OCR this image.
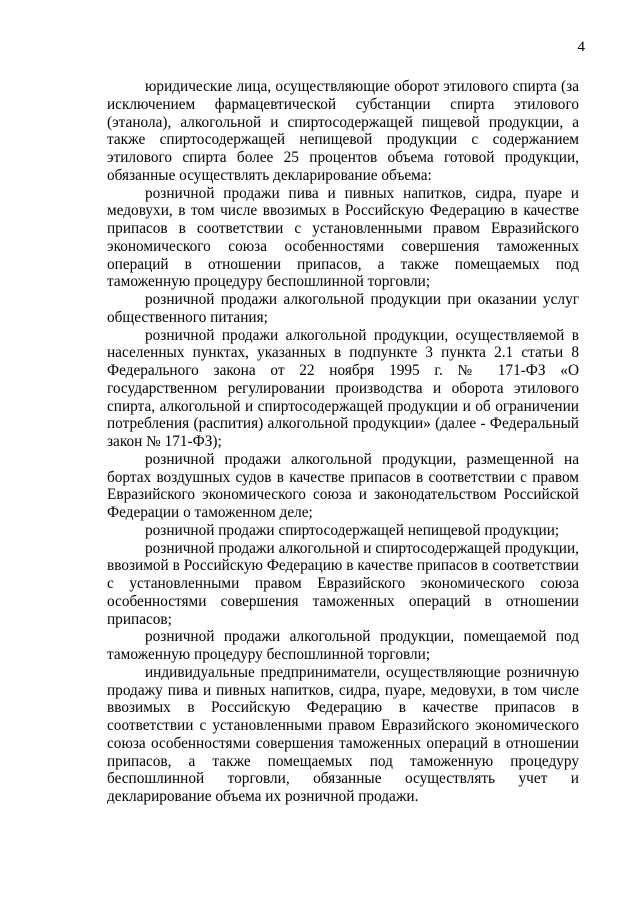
4

юридические лица, осуществляющие оборот этилового спирта (за исключением фармацевтической субстанции спирта этилового (этанола), алкогольной и спиртосодержащей пищевой продукции, а также спиртосодержащей непищевой продукции с содержанием этилового спирта более 25 процентов объема готовой продукции, обязанные осуществлять декларирование объема:

розничной продажи пива и пивных напитков, сидра, пуаре и медовухи, в том числе ввозимых в Российскую Федерацию в качестве припасов в соответствии с установленными правом Евразийского экономического союза особенностями совершения таможенных операций в отношении припасов, а также помещаемых под таможенную процедуру беспошлинной торговли;

розничной продажи алкогольной продукции при оказании услуг общественного питания;

розничной продажи алкогольной продукции, осуществляемой в населенных пунктах, указанных в подпункте 3 пункта 2.1 статьи 8 Федерального закона от 22 ноября 1995 г. № 171-ФЗ «О государственном регулировании производства и оборота этилового спирта, алкогольной и спиртосодержащей продукции и об ограничении потребления (распития) алкогольной продукции» (далее - Федеральный закон № 171-ФЗ);

розничной продажи алкогольной продукции, размещенной на бортах воздушных судов в качестве припасов в соответствии с правом Евразийского экономического союза и законодательством Российской Федерации о таможенном деле;

розничной продажи спиртосодержащей непищевой продукции;

розничной продажи алкогольной и спиртосодержащей продукции, ввозимой в Российскую Федерацию в качестве припасов в соответствии с установленными правом Евразийского экономического союза особенностями совершения таможенных операций в отношении припасов;

розничной продажи алкогольной продукции, помещаемой под таможенную процедуру беспошлинной торговли;

индивидуальные предприниматели, осуществляющие розничную продажу пива и пивных напитков, сидра, пуаре, медовухи, в том числе ввозимых в Российскую Федерацию в качестве припасов в соответствии с установленными правом Евразийского экономического союза особенностями совершения таможенных операций в отношении припасов, а также помещаемых под таможенную процедуру беспошлинной торговли, обязанные осуществлять учет и декларирование объема их розничной продажи.
